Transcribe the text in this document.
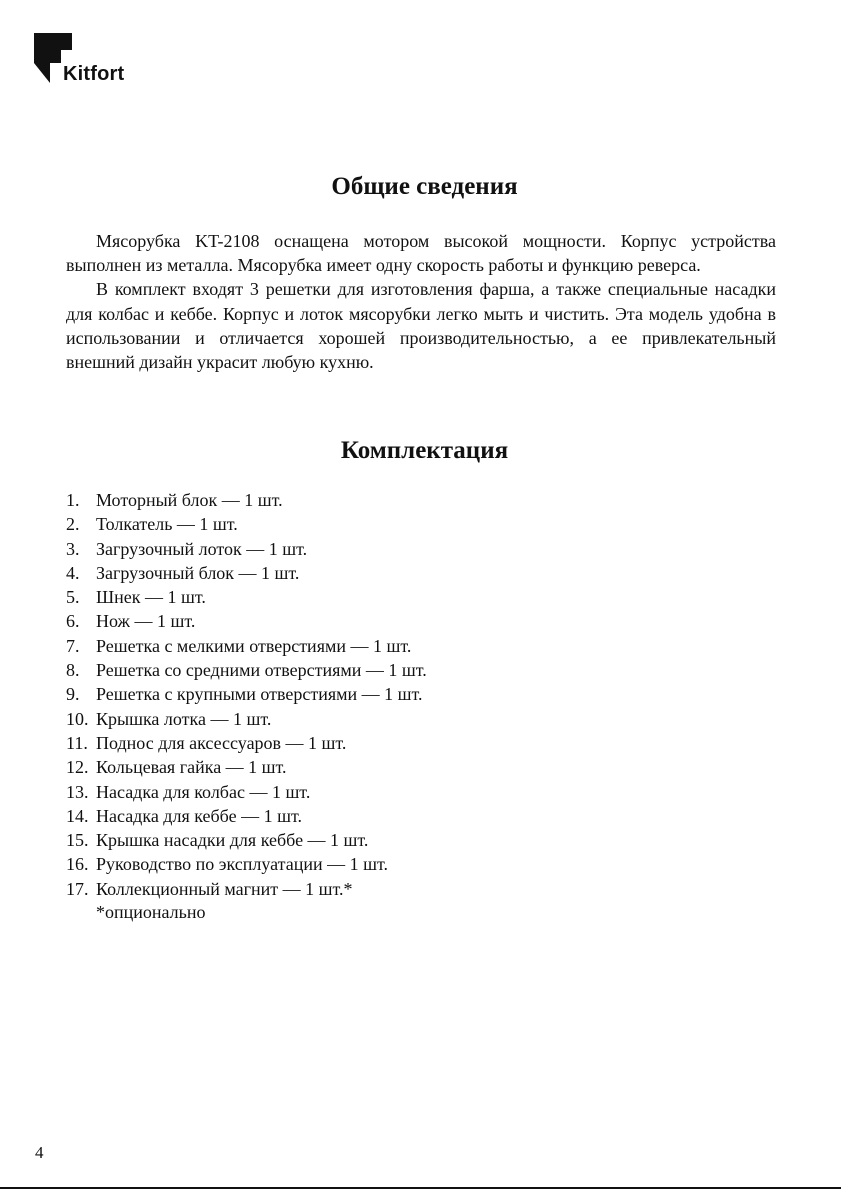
Kitfort
Общие сведения

Мясорубка KT-2108 оснащена мотором высокой мощности. Корпус устройства выполнен из металла. Мясорубка имеет одну скорость работы и функцию реверса.

В комплект входят 3 решетки для изготовления фарша, а также специальные насадки для колбас и кеббе. Корпус и лоток мясорубки легко мыть и чистить. Эта модель удобна в использовании и отличается хорошей производительностью, а ее привлекательный внешний дизайн украсит любую кухню.

Комплектация
1. Моторный блок — 1 шт.
2. Толкатель — 1 шт.
3. Загрузочный лоток — 1 шт.
4. Загрузочный блок — 1 шт.
5. Шнек — 1 шт.
6. Нож — 1 шт.
7. Решетка с мелкими отверстиями — 1 шт.
8. Решетка со средними отверстиями — 1 шт.
9. Решетка с крупными отверстиями — 1 шт.
10. Крышка лотка — 1 шт.
11. Поднос для аксессуаров — 1 шт.
12. Кольцевая гайка — 1 шт.
13. Насадка для колбас — 1 шт.
14. Насадка для кеббе — 1 шт.
15. Крышка насадки для кеббе — 1 шт.
16. Руководство по эксплуатации — 1 шт.
17. Коллекционный магнит — 1 шт.*
*опционально
4
